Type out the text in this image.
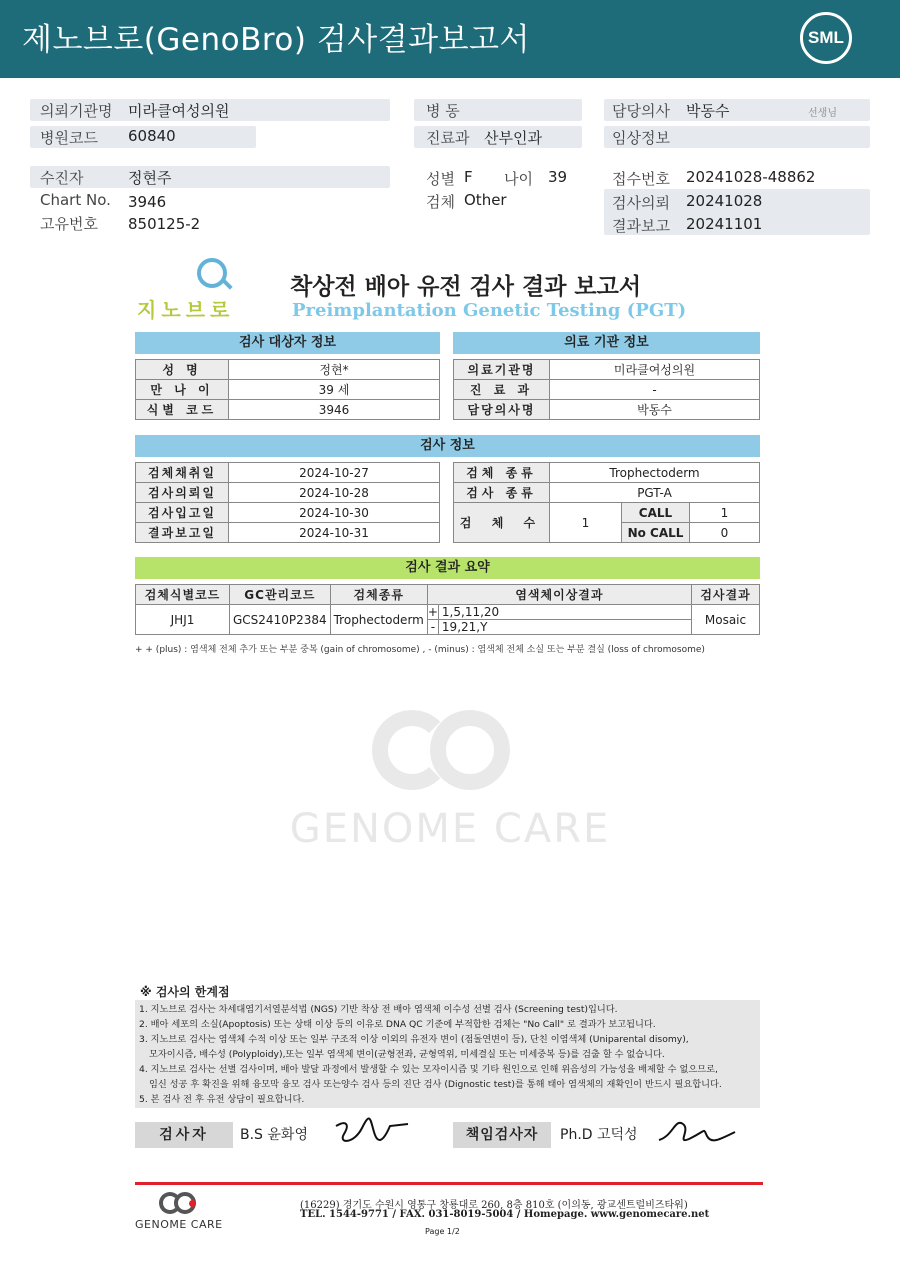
제노브로(GenoBro) 검사결과보고서	SML
의뢰기관명 미라클여성의원
병원코드 60840
병 동
진료과 산부인과
담당의사 박동수	선생님
임상정보
수진자	정현주
Chart No. 3946
고유번호 850125-2
성별 F 나이 39
검체 Other
접수번호 20241028-48862
검사의뢰 20241028
결과보고 20241101
지노브로
착상전 배아 유전 검사 결과 보고서
Preimplantation Genetic Testing (PGT)
검사 대상자 정보
성 명	정현*
만 나 이	39 세
식별 코드	3946
의료 기관 정보
의료기관명	미라클여성의원
진 료 과	-
담당의사명	박동수
검사 정보
검체채취일	2024-10-27
검사의뢰일	2024-10-28
검사입고일	2024-10-30
결과보고일	2024-10-31
검체 종류	Trophectoderm		
검사 종류	PGT-A		
검 체 수	1	CALL	1
		No CALL	0
검사 결과 요약
검체식별코드	GC관리코드	검체종류	염색체이상결과		검사결과
JHJ1	GCS2410P2384	Trophectoderm	+	1,5,11,20	Mosaic
			-	19,21,Y	
+ + (plus) : 염색체 전체 추가 또는 부분 중복 (gain of chromosome) , - (minus) : 염색체 전체 소실 또는 부분 결실 (loss of chromosome)
GENOME CARE
※ 검사의 한계점
1. 지노브로 검사는 차세대염기서열분석법 (NGS) 기반 착상 전 배아 염색체 이수성 선별 검사 (Screening test)입니다.
2. 배아 세포의 소실(Apoptosis) 또는 상태 이상 등의 이유로 DNA QC 기준에 부적합한 검체는 "No Call" 로 결과가 보고됩니다.
3. 지노브로 검사는 염색체 수적 이상 또는 일부 구조적 이상 이외의 유전자 변이 (점돌연변이 등), 단친 이염색체 (Uniparental disomy),
모자이시즘, 배수성 (Polyploidy),또는 일부 염색체 변이(균형전좌, 균형역위, 미세결실 또는 미세중복 등)를 검출 할 수 없습니다.
4. 지노브로 검사는 선별 검사이며, 배아 발달 과정에서 발생할 수 있는 모자이시즘 및 기타 원인으로 인해 위음성의 가능성을 배제할 수 없으므로,
임신 성공 후 확진을 위해 융모막 융모 검사 또는양수 검사 등의 진단 검사 (Dignostic test)를 통해 태아 염색체의 재확인이 반드시 필요합니다.
5. 본 검사 전 후 유전 상담이 필요합니다.
검사자	B.S 윤화영	책임검사자	Ph.D 고덕성
GENOME CARE
(16229) 경기도 수원시 영통구 창룡대로 260, 8층 810호 (이의동, 광교센트럴비즈타워)
TEL. 1544-9771 / FAX. 031-8019-5004 / Homepage. www.genomecare.net
Page 1/2
